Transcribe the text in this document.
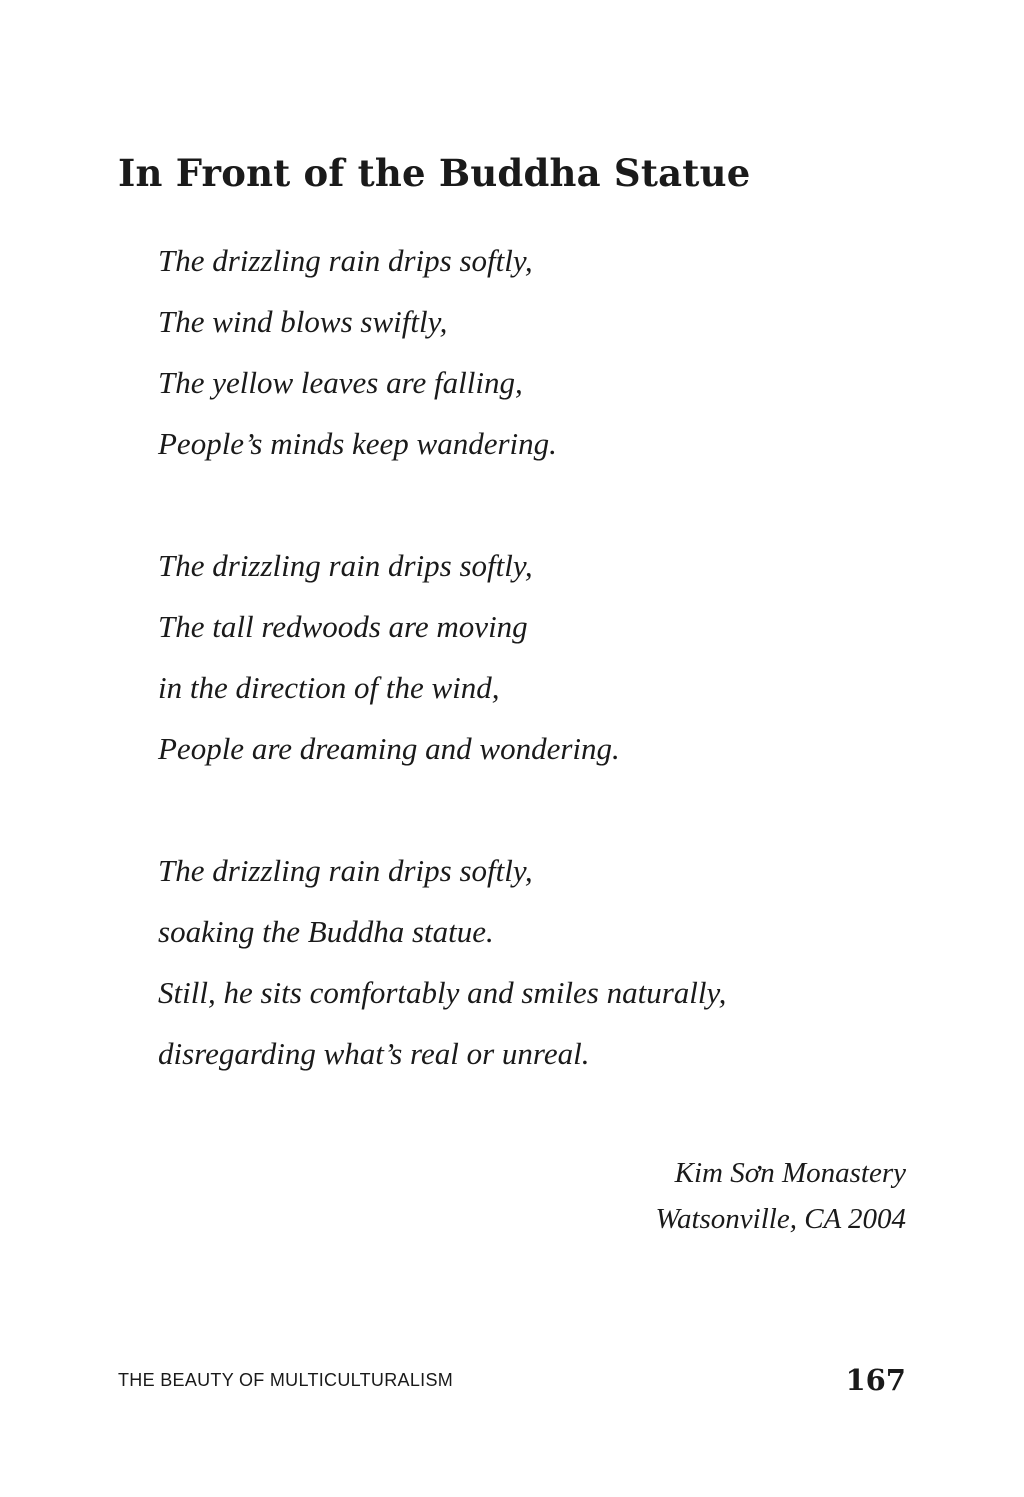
In Front of the Buddha Statue
The drizzling rain drips softly,
The wind blows swiftly,
The yellow leaves are falling,
People’s minds keep wandering.
The drizzling rain drips softly,
The tall redwoods are moving
in the direction of the wind,
People are dreaming and wondering.
The drizzling rain drips softly,
soaking the Buddha statue.
Still, he sits comfortably and smiles naturally,
disregarding what’s real or unreal.
Kim Sơn Monastery
Watsonville, CA 2004
THE BEAUTY OF MULTICULTURALISM	167
